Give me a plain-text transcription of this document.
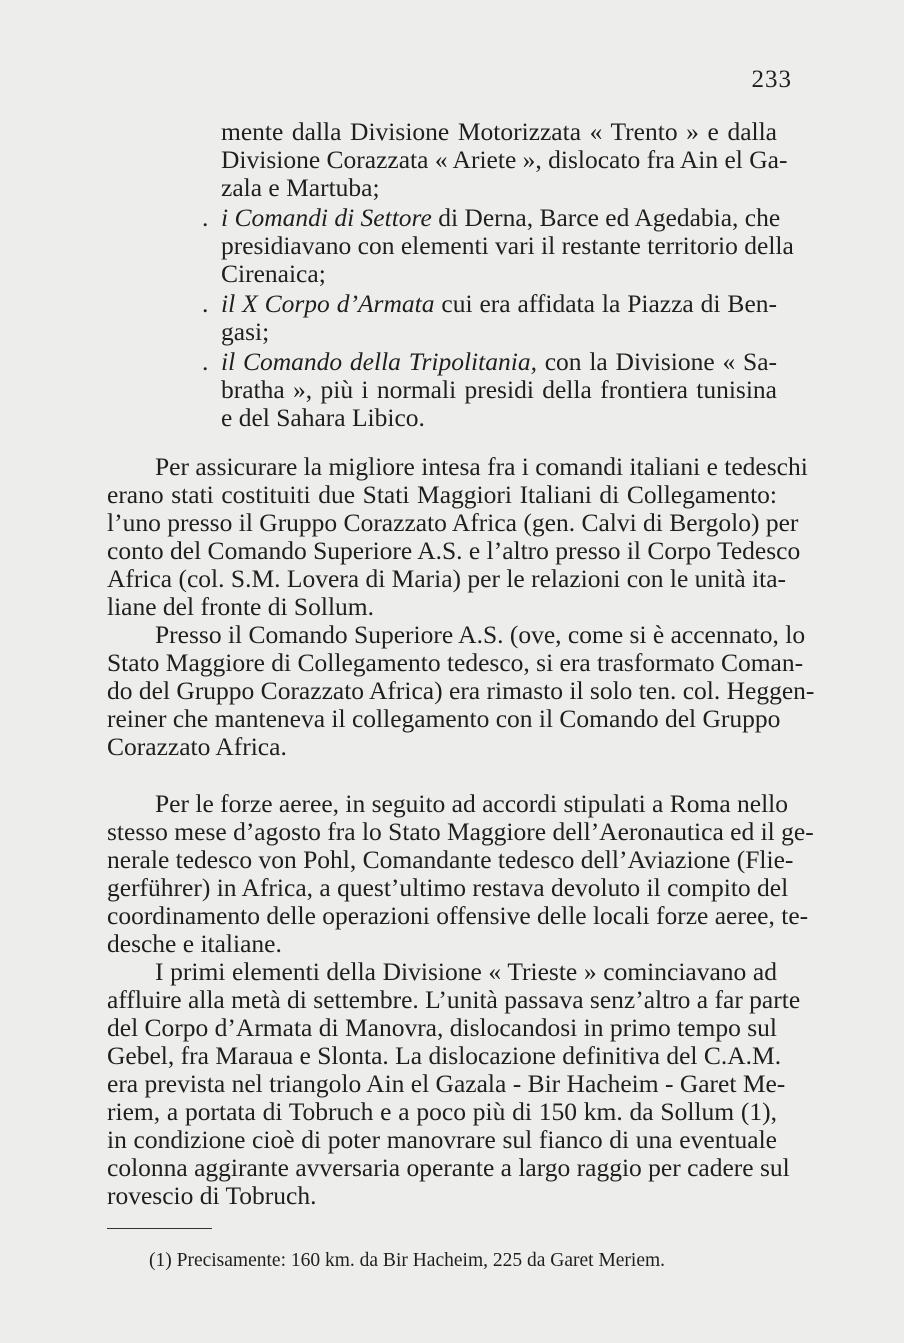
233
mente dalla Divisione Motorizzata « Trento » e dalla
Divisione Corazzata « Ariete », dislocato fra Ain el Ga-
zala e Martuba;
. i Comandi di Settore di Derna, Barce ed Agedabia, che
presidiavano con elementi vari il restante territorio della
Cirenaica;
. il X Corpo d’Armata cui era affidata la Piazza di Ben-
gasi;
. il Comando della Tripolitania, con la Divisione « Sa-
bratha », più i normali presidi della frontiera tunisina
e del Sahara Libico.
Per assicurare la migliore intesa fra i comandi italiani e tedeschi
erano stati costituiti due Stati Maggiori Italiani di Collegamento:
l’uno presso il Gruppo Corazzato Africa (gen. Calvi di Bergolo) per
conto del Comando Superiore A.S. e l’altro presso il Corpo Tedesco
Africa (col. S.M. Lovera di Maria) per le relazioni con le unità ita-
liane del fronte di Sollum.
Presso il Comando Superiore A.S. (ove, come si è accennato, lo
Stato Maggiore di Collegamento tedesco, si era trasformato Coman-
do del Gruppo Corazzato Africa) era rimasto il solo ten. col. Heggen-
reiner che manteneva il collegamento con il Comando del Gruppo
Corazzato Africa.
Per le forze aeree, in seguito ad accordi stipulati a Roma nello
stesso mese d’agosto fra lo Stato Maggiore dell’Aeronautica ed il ge-
nerale tedesco von Pohl, Comandante tedesco dell’Aviazione (Flie-
gerführer) in Africa, a quest’ultimo restava devoluto il compito del
coordinamento delle operazioni offensive delle locali forze aeree, te-
desche e italiane.
I primi elementi della Divisione « Trieste » cominciavano ad
affluire alla metà di settembre. L’unità passava senz’altro a far parte
del Corpo d’Armata di Manovra, dislocandosi in primo tempo sul
Gebel, fra Maraua e Slonta. La dislocazione definitiva del C.A.M.
era prevista nel triangolo Ain el Gazala - Bir Hacheim - Garet Me-
riem, a portata di Tobruch e a poco più di 150 km. da Sollum (1),
in condizione cioè di poter manovrare sul fianco di una eventuale
colonna aggirante avversaria operante a largo raggio per cadere sul
rovescio di Tobruch.
(1) Precisamente: 160 km. da Bir Hacheim, 225 da Garet Meriem.
